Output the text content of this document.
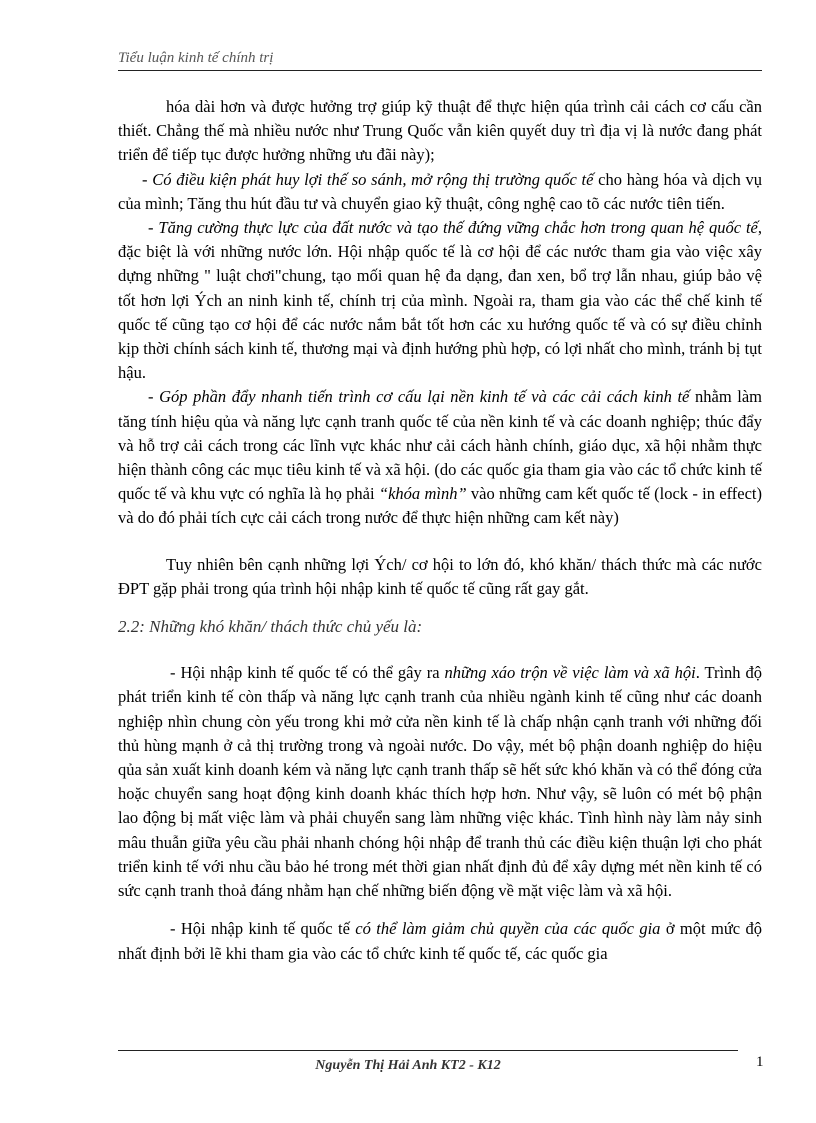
Tiểu luận kinh tế chính trị

hóa dài hơn và được hưởng trợ giúp kỹ thuật để thực hiện qúa trình cải cách cơ cấu cần thiết. Chẳng thế mà nhiều nước như Trung Quốc vẫn kiên quyết duy trì địa vị là nước đang phát triển để tiếp tục được hưởng những ưu đãi này);

- Có điều kiện phát huy lợi thế so sánh, mở rộng thị trường quốc tế cho hàng hóa và dịch vụ của mình; Tăng thu hút đầu tư và chuyển giao kỹ thuật, công nghệ cao tõ các nước tiên tiến.

- Tăng cường thực lực của đất nước và tạo thế đứng vững chắc hơn trong quan hệ quốc tế, đặc biệt là với những nước lớn. Hội nhập quốc tế là cơ hội để các nước tham gia vào việc xây dựng những " luật chơi"chung, tạo mối quan hệ đa dạng, đan xen, bổ trợ lẫn nhau, giúp bảo vệ tốt hơn lợi Ých an ninh kinh tế, chính trị của mình. Ngoài ra, tham gia vào các thể chế kinh tế quốc tế cũng tạo cơ hội để các nước nắm bắt tốt hơn các xu hướng quốc tế và có sự điều chỉnh kịp thời chính sách kinh tế, thương mại và định hướng phù hợp, có lợi nhất cho mình, tránh bị tụt hậu.

- Góp phần đẩy nhanh tiến trình cơ cấu lại nền kinh tế và các cải cách kinh tế nhằm làm tăng tính hiệu qủa và năng lực cạnh tranh quốc tế của nền kinh tế và các doanh nghiệp; thúc đẩy và hỗ trợ cải cách trong các lĩnh vực khác như cải cách hành chính, giáo dục, xã hội nhằm thực hiện thành công các mục tiêu kinh tế và xã hội. (do các quốc gia tham gia vào các tổ chức kinh tế quốc tế và khu vực có nghĩa là họ phải “khóa mình” vào những cam kết quốc tế (lock - in effect) và do đó phải tích cực cải cách trong nước để thực hiện những cam kết này)

Tuy nhiên bên cạnh những lợi Ých/ cơ hội to lớn đó, khó khăn/ thách thức mà các nước ĐPT gặp phải trong qúa trình hội nhập kinh tế quốc tế cũng rất gay gắt.

2.2: Những khó khăn/ thách thức chủ yếu là:

- Hội nhập kinh tế quốc tế có thể gây ra những xáo trộn về việc làm và xã hội. Trình độ phát triển kinh tế còn thấp và năng lực cạnh tranh của nhiều ngành kinh tế cũng như các doanh nghiệp nhìn chung còn yếu trong khi mở cửa nền kinh tế là chấp nhận cạnh tranh với những đối thủ hùng mạnh ở cả thị trường trong và ngoài nước. Do vậy, mét bộ phận doanh nghiệp do hiệu qủa sản xuất kinh doanh kém và năng lực cạnh tranh thấp sẽ hết sức khó khăn và có thể đóng cửa hoặc chuyển sang hoạt động kinh doanh khác thích hợp hơn. Như vậy, sẽ luôn có mét bộ phận lao động bị mất việc làm và phải chuyển sang làm những việc khác. Tình hình này làm nảy sinh mâu thuẫn giữa yêu cầu phải nhanh chóng hội nhập để tranh thủ các điều kiện thuận lợi cho phát triển kinh tế với nhu cầu bảo hé trong mét thời gian nhất định đủ để xây dựng mét nền kinh tế có sức cạnh tranh thoả đáng nhằm hạn chế những biến động về mặt việc làm và xã hội.

- Hội nhập kinh tế quốc tế có thể làm giảm chủ quyền của các quốc gia ở một mức độ nhất định bởi lẽ khi tham gia vào các tổ chức kinh tế quốc tế, các quốc gia

Nguyễn Thị Hải Anh KT2 - K12	1
